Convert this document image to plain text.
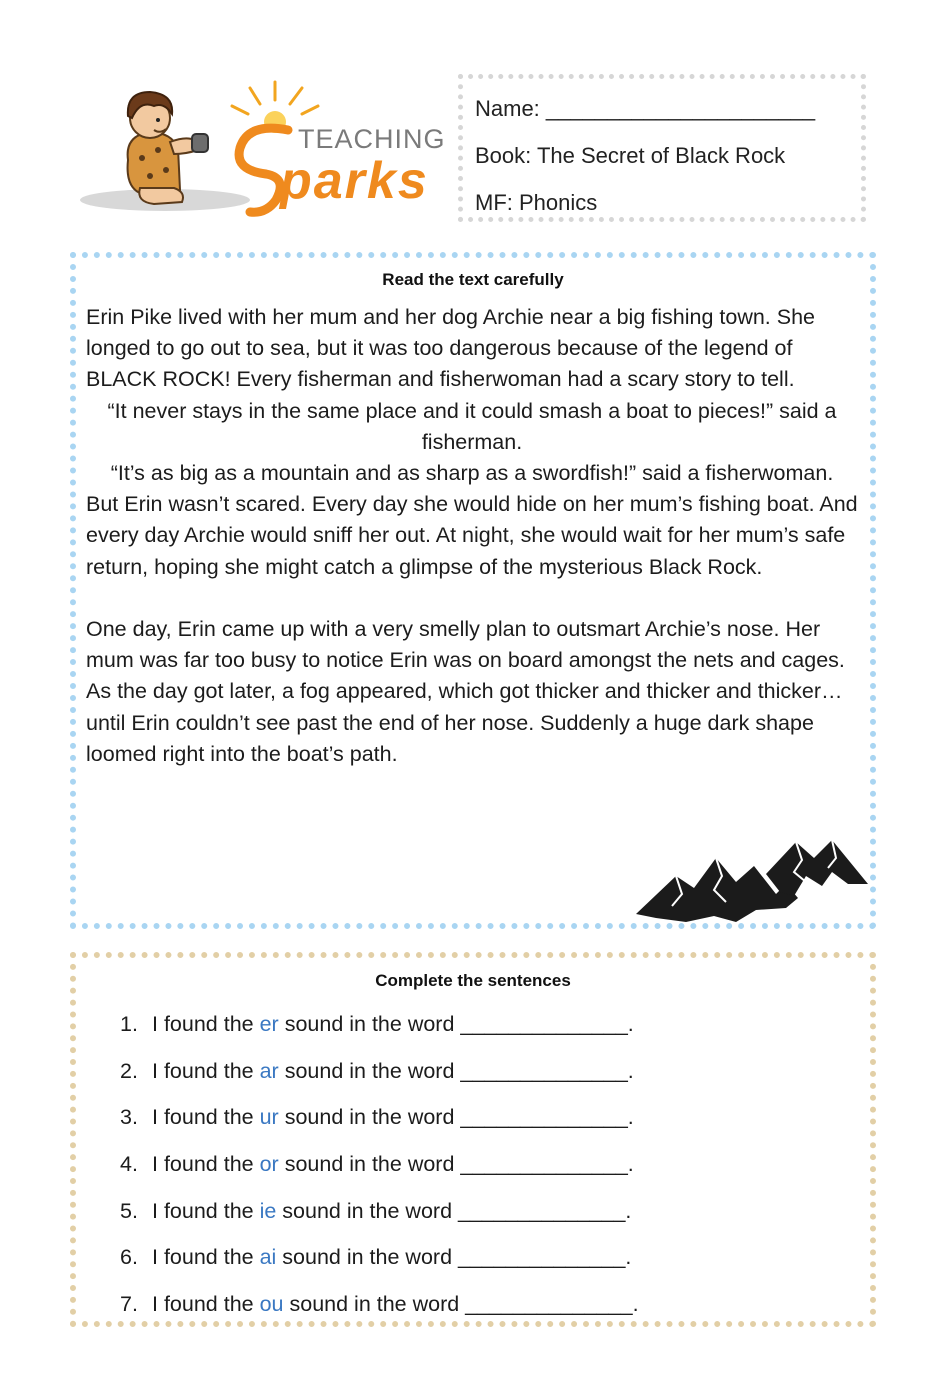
TEACHING
parks
Name: ______________________
Book: The Secret of Black Rock
MF: Phonics
Read the text carefully

Erin Pike lived with her mum and her dog Archie near a big fishing town. She longed to go out to sea, but it was too dangerous because of the legend of BLACK ROCK! Every fisherman and fisherwoman had a scary story to tell.

“It never stays in the same place and it could smash a boat to pieces!” said a fisherman.

“It’s as big as a mountain and as sharp as a swordfish!” said a fisherwoman.

But Erin wasn’t scared. Every day she would hide on her mum’s fishing boat. And every day Archie would sniff her out. At night, she would wait for her mum’s safe return, hoping she might catch a glimpse of the mysterious Black Rock.

One day, Erin came up with a very smelly plan to outsmart Archie’s nose. Her mum was far too busy to notice Erin was on board amongst the nets and cages. As the day got later, a fog appeared, which got thicker and thicker and thicker… until Erin couldn’t see past the end of her nose. Suddenly a huge dark shape loomed right into the boat’s path.

Complete the sentences
1. I found the er sound in the word ______________.
2. I found the ar sound in the word ______________.
3. I found the ur sound in the word ______________.
4. I found the or sound in the word ______________.
5. I found the ie sound in the word ______________.
6. I found the ai sound in the word ______________.
7. I found the ou sound in the word ______________.
